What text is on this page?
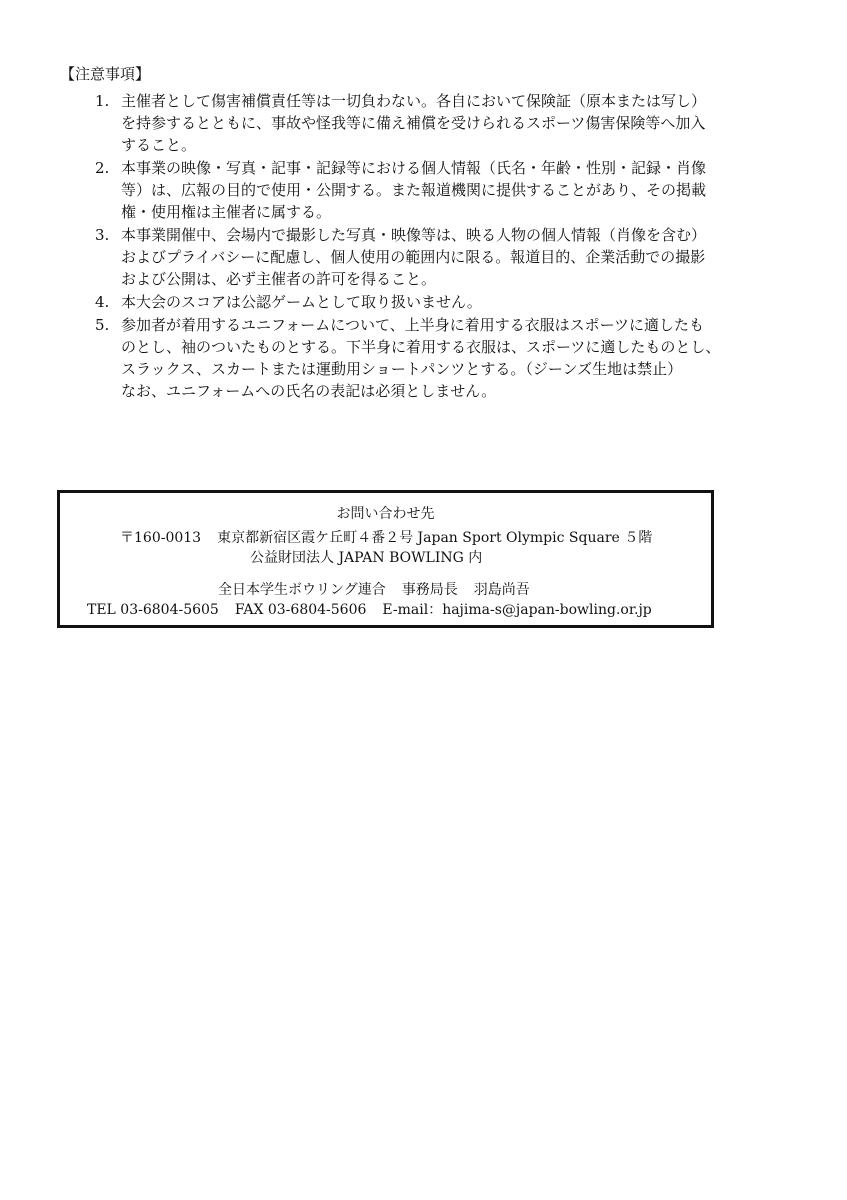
【注意事項】
1. 主催者として傷害補償責任等は一切負わない。各自において保険証（原本または写し）
を持参するとともに、事故や怪我等に備え補償を受けられるスポーツ傷害保険等へ加入
すること。
2. 本事業の映像・写真・記事・記録等における個人情報（氏名・年齢・性別・記録・肖像
等）は、広報の目的で使用・公開する。また報道機関に提供することがあり、その掲載
権・使用権は主催者に属する。
3. 本事業開催中、会場内で撮影した写真・映像等は、映る人物の個人情報（肖像を含む）
およびプライバシーに配慮し、個人使用の範囲内に限る。報道目的、企業活動での撮影
および公開は、必ず主催者の許可を得ること。
4. 本大会のスコアは公認ゲームとして取り扱いません。
5. 参加者が着用するユニフォームについて、上半身に着用する衣服はスポーツに適したも
のとし、袖のついたものとする。下半身に着用する衣服は、スポーツに適したものとし、
スラックス、スカートまたは運動用ショートパンツとする。（ジーンズ生地は禁止）
なお、ユニフォームへの氏名の表記は必須としません。
お問い合わせ先
〒160-0013 東京都新宿区霞ケ丘町４番２号 Japan Sport Olympic Square ５階
公益財団法人 JAPAN BOWLING 内
全日本学生ボウリング連合 事務局長 羽島尚吾
TEL 03-6804-5605 FAX 03-6804-5606 E-mail：hajima-s@japan-bowling.or.jp
